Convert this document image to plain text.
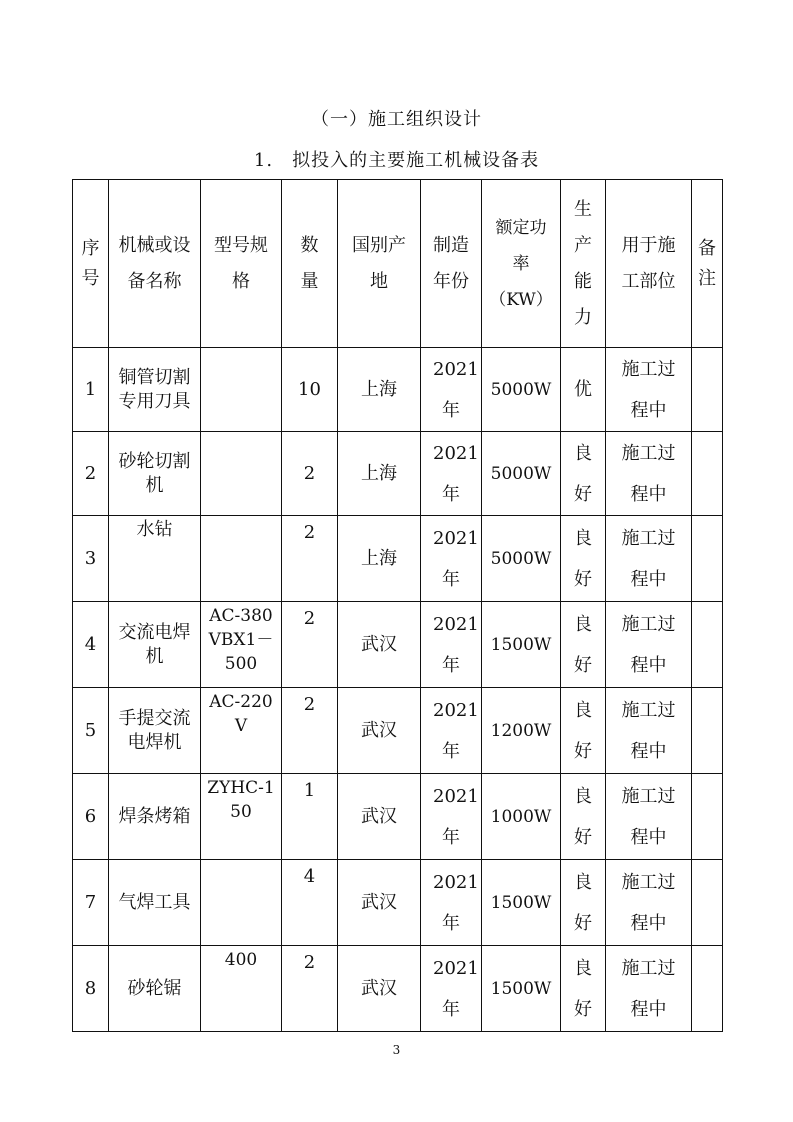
（一）施工组织设计
1.　拟投入的主要施工机械设备表
序号	机械或设备名称	型号规格	数量	国别产地	制造年份	额定功率（KW）	生产能力	用于施工部位	备注

1	铜管切割专用刀具		10	上海	2021年	5000W	优	施工过程中	

2	砂轮切割机		2	上海	2021年	5000W	良好	施工过程中	

3	水钻		2	上海	2021年	5000W	良好	施工过程中	

4	交流电焊机	AC-380VBX1－500	2	武汉	2021年	1500W	良好	施工过程中	

5	手提交流电焊机	AC-220V	2	武汉	2021年	1200W	良好	施工过程中	

6	焊条烤箱	ZYHC-150	1	武汉	2021年	1000W	良好	施工过程中	

7	气焊工具		4	武汉	2021年	1500W	良好	施工过程中	

8	砂轮锯	400	2	武汉	2021年	1500W	良好	施工过程中	

3
